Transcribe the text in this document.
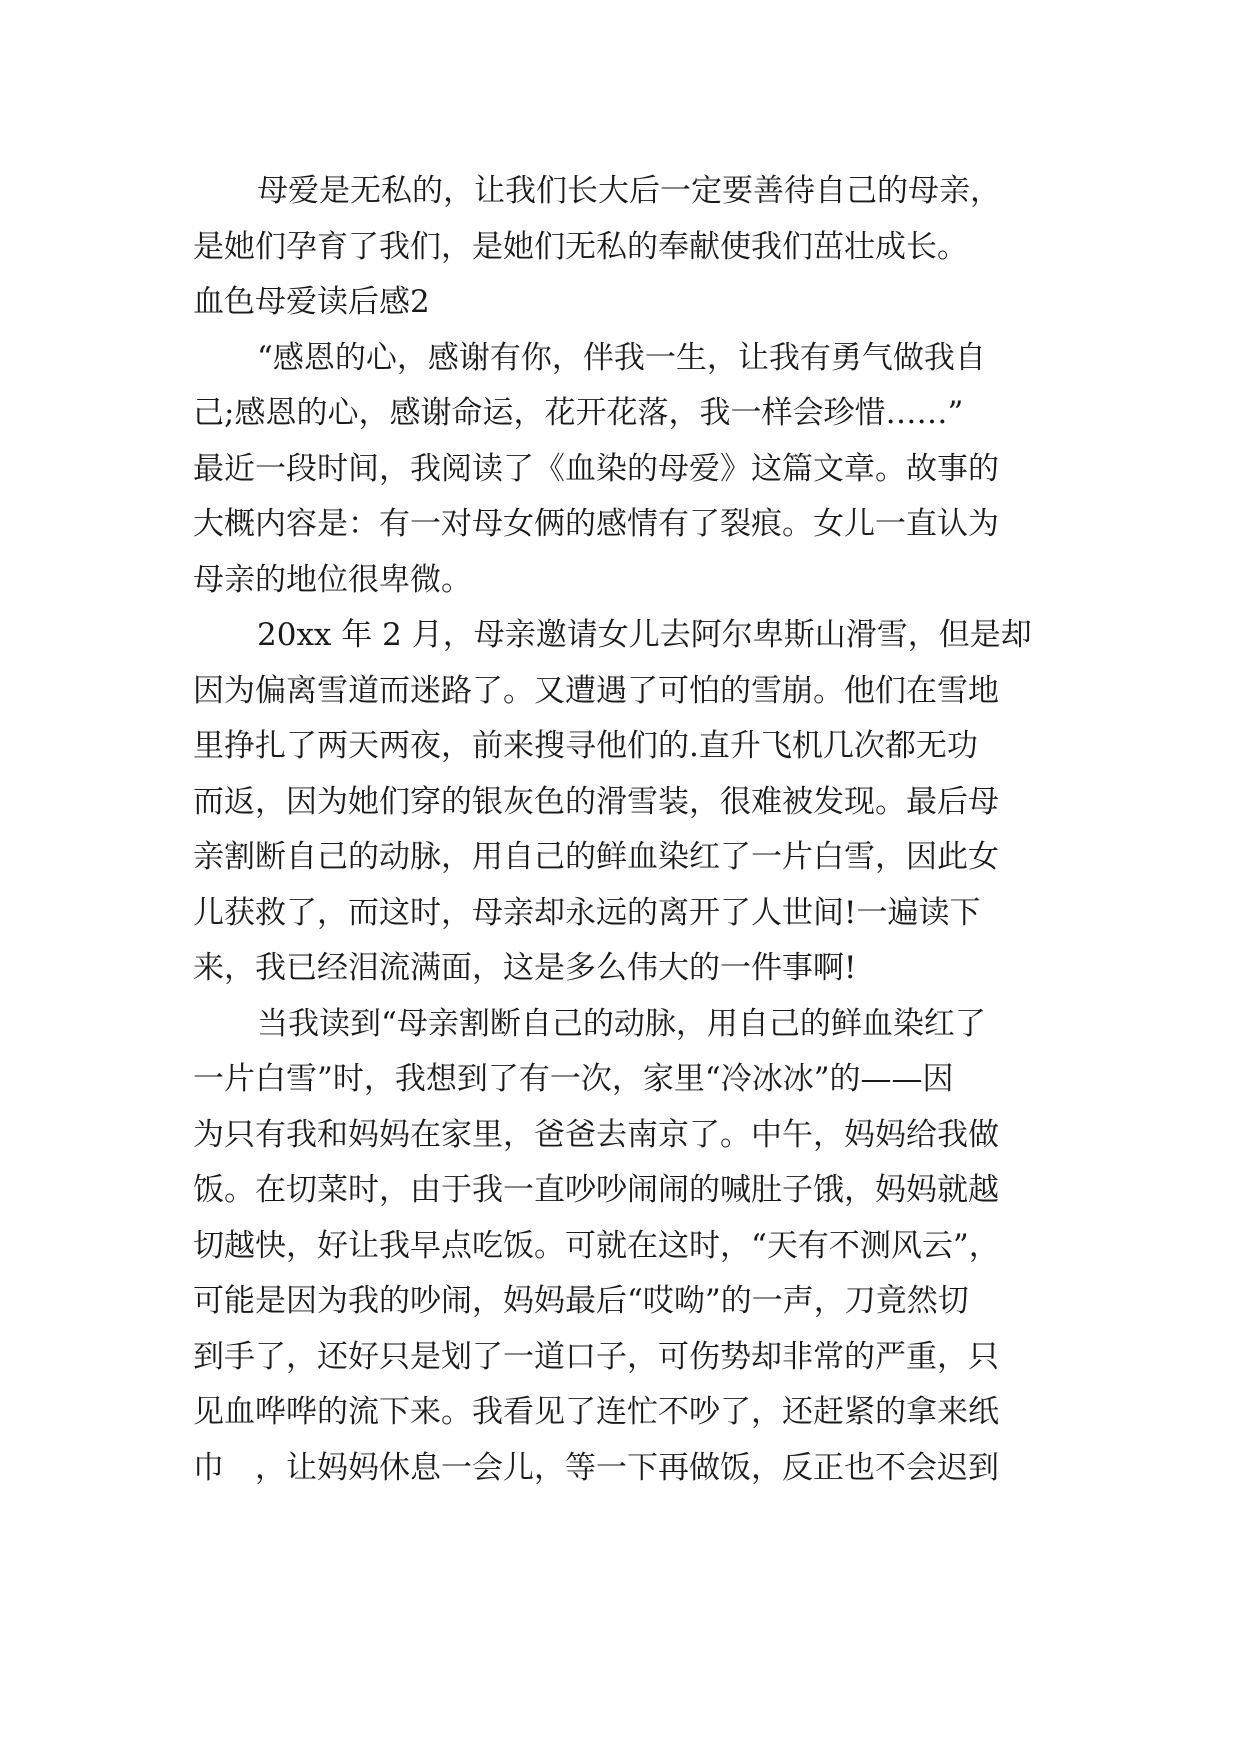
母爱是无私的，让我们长大后一定要善待自己的母亲，

是她们孕育了我们，是她们无私的奉献使我们茁壮成长。

血色母爱读后感2

“感恩的心，感谢有你，伴我一生，让我有勇气做我自

己;感恩的心，感谢命运，花开花落，我一样会珍惜……”

最近一段时间，我阅读了《血染的母爱》这篇文章。故事的

大概内容是：有一对母女俩的感情有了裂痕。女儿一直认为

母亲的地位很卑微。

20xx 年 2 月，母亲邀请女儿去阿尔卑斯山滑雪，但是却

因为偏离雪道而迷路了。又遭遇了可怕的雪崩。他们在雪地

里挣扎了两天两夜，前来搜寻他们的.直升飞机几次都无功

而返，因为她们穿的银灰色的滑雪装，很难被发现。最后母

亲割断自己的动脉，用自己的鲜血染红了一片白雪，因此女

儿获救了，而这时，母亲却永远的离开了人世间!一遍读下

来，我已经泪流满面，这是多么伟大的一件事啊!

当我读到“母亲割断自己的动脉，用自己的鲜血染红了

一片白雪”时，我想到了有一次，家里“冷冰冰”的——因

为只有我和妈妈在家里，爸爸去南京了。中午，妈妈给我做

饭。在切菜时，由于我一直吵吵闹闹的喊肚子饿，妈妈就越

切越快，好让我早点吃饭。可就在这时，“天有不测风云”，

可能是因为我的吵闹，妈妈最后“哎呦”的一声，刀竟然切

到手了，还好只是划了一道口子，可伤势却非常的严重，只

见血哗哗的流下来。我看见了连忙不吵了，还赶紧的拿来纸

巾　，让妈妈休息一会儿，等一下再做饭，反正也不会迟到
